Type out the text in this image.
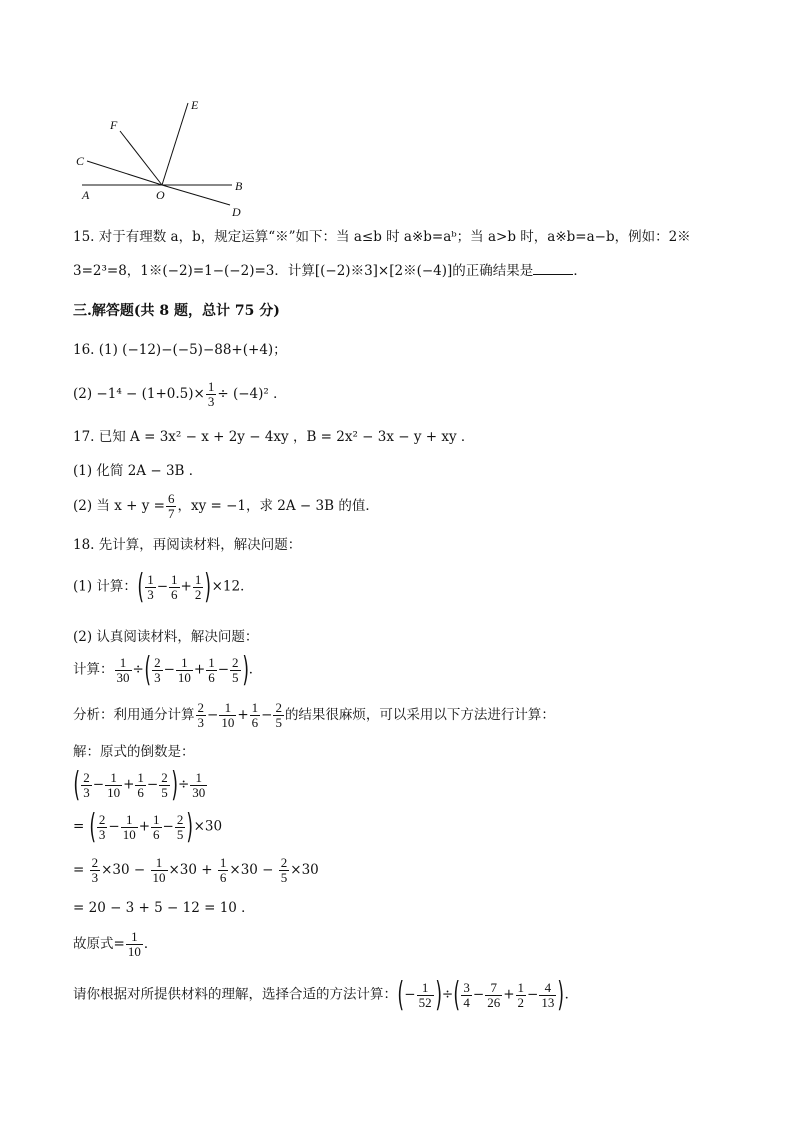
E
F
C
A	O
B
D
15. 对于有理数 a，b，规定运算“※”如下：当 a≤b 时 a※b=aᵇ；当 a>b 时，a※b=a−b，例如：2※
3=2³=8，1※(−2)=1−(−2)=3．计算[(−2)※3]×[2※(−4)]的正确结果是	．
三.解答题(共 8 题，总计 75 分)
16. (1) (−12)−(−5)−88+(+4)；
$(2) -1^4 - (1+0.5)\times \frac{1}{3} \div (-4)^2$ ．
17. 已知 A = 3x² − x + 2y − 4xy ，B = 2x² − 3x − y + xy ．
(1) 化简 2A − 3B ．
(2) 当 $x + y = \frac{6}{7}$ ，xy = −1，求 2A − 3B 的值．
18. 先计算，再阅读材料，解决问题：
(1) 计算：( $\frac{1}{3} - \frac{1}{6} + \frac{1}{2} )\times 12$．
(2) 认真阅读材料，解决问题：
计算： $\frac{1}{30}$ ÷( $\frac{2}{3} - \frac{1}{10} + \frac{1}{6} - \frac{2}{5}$ )．
分析：利用通分计算 $\frac{2}{3} - \frac{1}{10} + \frac{1}{6} - \frac{2}{5}$ 的结果很麻烦，可以采用以下方法进行计算：
解：原式的倒数是：
( $\frac{2}{3} - \frac{1}{10} + \frac{1}{6} - \frac{2}{5}$ )÷ $\frac{1}{30}$
= ( $\frac{2}{3} - \frac{1}{10} + \frac{1}{6} - \frac{2}{5} )\times 30$
= $\frac{2}{3} \times 30 - \frac{1}{10} \times 30 + \frac{1}{6} \times 30 - \frac{2}{5} \times 30$
= 20 − 3 + 5 − 12 = 10 ．
故原式= $\frac{1}{10}$ ．
请你根据对所提供材料的理解，选择合适的方法计算：(− $\frac{1}{52}$ )÷( $\frac{3}{4} - \frac{7}{26} + \frac{1}{2} - \frac{4}{13}$ )．
